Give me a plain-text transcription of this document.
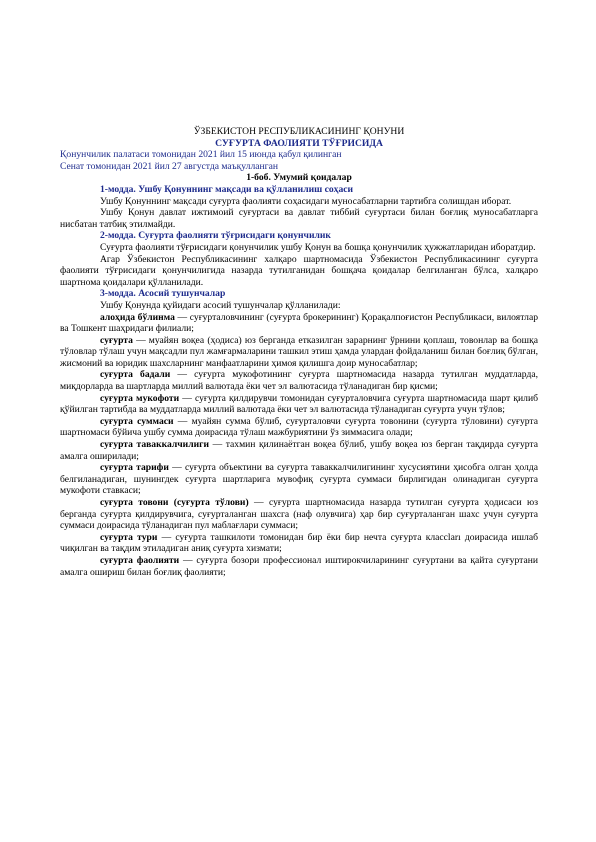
ЎЗБЕКИСТОН РЕСПУБЛИКАСИНИНГ ҚОНУНИ
СУҒУРТА ФАОЛИЯТИ ТЎҒРИСИДА
Қонунчилик палатаси томонидан 2021 йил 15 июнда қабул қилинган
Сенат томонидан 2021 йил 27 августда маъқулланган
1-боб. Умумий қоидалар
1-модда. Ушбу Қонуннинг мақсади ва қўлланилиш соҳаси
Ушбу Қонуннинг мақсади суғурта фаолияти соҳасидаги муносабатларни тартибга солишдан иборат.
Ушбу Қонун давлат ижтимоий суғуртаси ва давлат тиббий суғуртаси билан боғлиқ муносабатларга нисбатан татбиқ этилмайди.
2-модда. Суғурта фаолияти тўғрисидаги қонунчилик
Суғурта фаолияти тўғрисидаги қонунчилик ушбу Қонун ва бошқа қонунчилик ҳужжатларидан иборатдир.
Агар Ўзбекистон Республикасининг халқаро шартномасида Ўзбекистон Республикасининг суғурта фаолияти тўғрисидаги қонунчилигида назарда тутилганидан бошқача қоидалар белгиланган бўлса, халқаро шартнома қоидалари қўлланилади.
3-модда. Асосий тушунчалар
Ушбу Қонунда қуйидаги асосий тушунчалар қўлланилади:
алоҳида бўлинма — суғурталовчининг (суғурта брокерининг) Қорақалпоғистон Республикаси, вилоятлар ва Тошкент шаҳридаги филиали;
суғурта — муайян воқеа (ҳодиса) юз берганда етказилган зарарнинг ўрнини қоплаш, товонлар ва бошқа тўловлар тўлаш учун мақсадли пул жамғармаларини ташкил этиш ҳамда улардан фойдаланиш билан боғлиқ бўлган, жисмоний ва юридик шахсларнинг манфаатларини ҳимоя қилишга доир муносабатлар;
суғурта бадали — суғурта мукофотининг суғурта шартномасида назарда тутилган муддатларда, миқдорларда ва шартларда миллий валютада ёки чет эл валютасида тўланадиган бир қисми;
суғурта мукофоти — суғурта қилдирувчи томонидан суғурталовчига суғурта шартномасида шарт қилиб қўйилган тартибда ва муддатларда миллий валютада ёки чет эл валютасида тўланадиган суғурта учун тўлов;
суғурта суммаси — муайян сумма бўлиб, суғурталовчи суғурта товонини (суғурта тўловини) суғурта шартномаси бўйича ушбу сумма доирасида тўлаш мажбуриятини ўз зиммасига олади;
суғурта таваккалчилиги — тахмин қилинаётган воқеа бўлиб, ушбу воқеа юз берган тақдирда суғурта амалга оширилади;
суғурта тарифи — суғурта объектини ва суғурта таваккалчилигининг хусусиятини ҳисобга олган ҳолда белгиланадиган, шунингдек суғурта шартларига мувофиқ суғурта суммаси бирлигидан олинадиган суғурта мукофоти ставкаси;
суғурта товони (суғурта тўлови) — суғурта шартномасида назарда тутилган суғурта ҳодисаси юз берганда суғурта қилдирувчига, суғурталанган шахсга (наф олувчига) ҳар бир суғурталанган шахс учун суғурта суммаси доирасида тўланадиган пул маблағлари суммаси;
суғурта тури — суғурта ташкилоти томонидан бир ёки бир нечта суғурта классları доирасида ишлаб чиқилган ва тақдим этиладиган аниқ суғурта хизмати;
суғурта фаолияти — суғурта бозори профессионал иштирокчиларининг суғуртани ва қайта суғуртани амалга ошириш билан боғлиқ фаолияти;
